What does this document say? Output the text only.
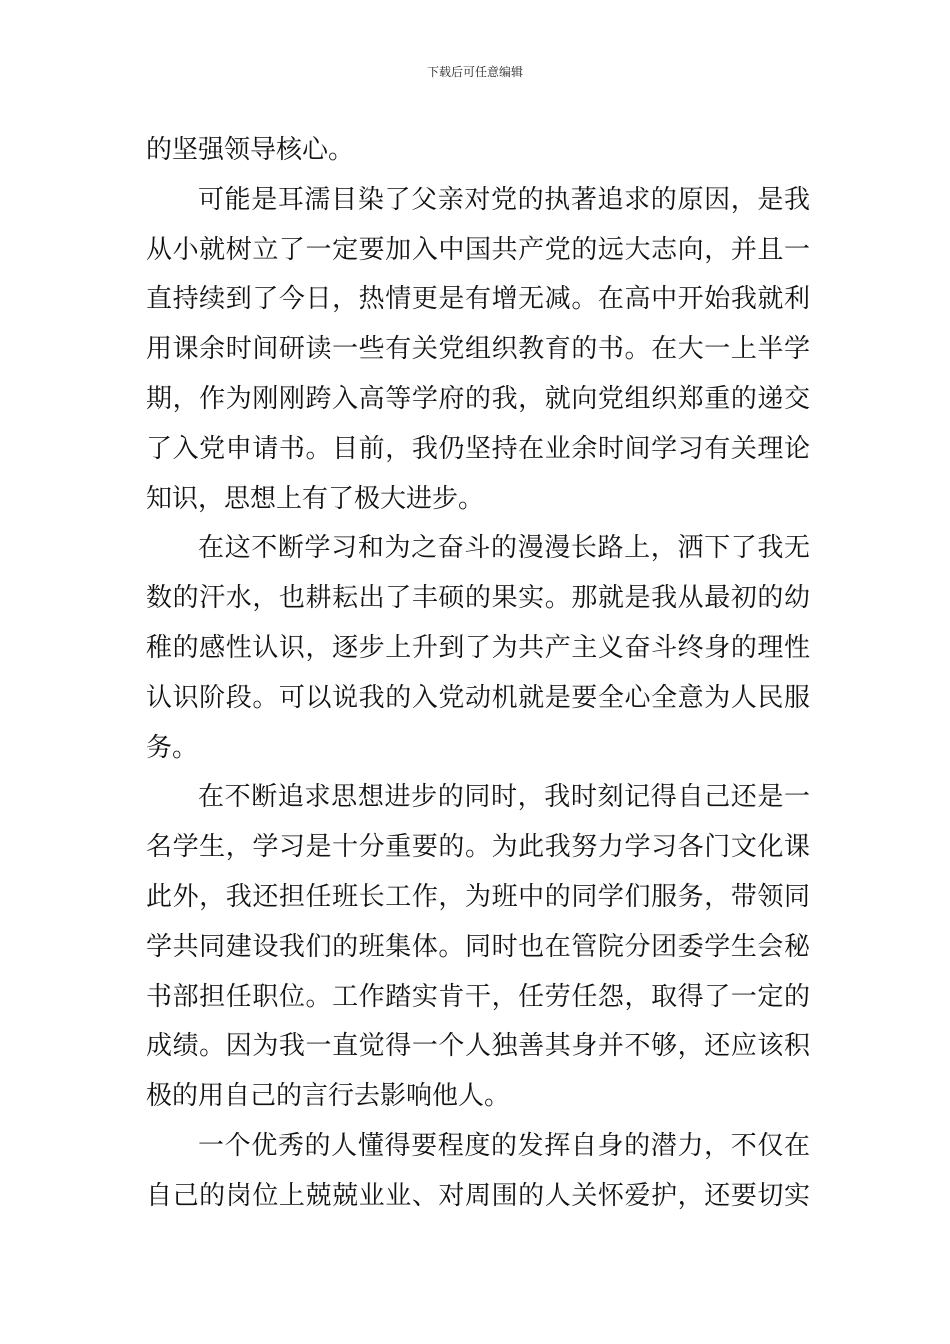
下载后可任意编辑
的坚强领导核心。
可能是耳濡目染了父亲对党的执著追求的原因，是我
从小就树立了一定要加入中国共产党的远大志向，并且一
直持续到了今日，热情更是有增无减。在高中开始我就利
用课余时间研读一些有关党组织教育的书。在大一上半学
期，作为刚刚跨入高等学府的我，就向党组织郑重的递交
了入党申请书。目前，我仍坚持在业余时间学习有关理论
知识，思想上有了极大进步。
在这不断学习和为之奋斗的漫漫长路上，洒下了我无
数的汗水，也耕耘出了丰硕的果实。那就是我从最初的幼
稚的感性认识，逐步上升到了为共产主义奋斗终身的理性
认识阶段。可以说我的入党动机就是要全心全意为人民服
务。
在不断追求思想进步的同时，我时刻记得自己还是一
名学生，学习是十分重要的。为此我努力学习各门文化课
此外，我还担任班长工作，为班中的同学们服务，带领同
学共同建设我们的班集体。同时也在管院分团委学生会秘
书部担任职位。工作踏实肯干，任劳任怨，取得了一定的
成绩。因为我一直觉得一个人独善其身并不够，还应该积
极的用自己的言行去影响他人。
一个优秀的人懂得要程度的发挥自身的潜力，不仅在
自己的岗位上兢兢业业、对周围的人关怀爱护，还要切实
